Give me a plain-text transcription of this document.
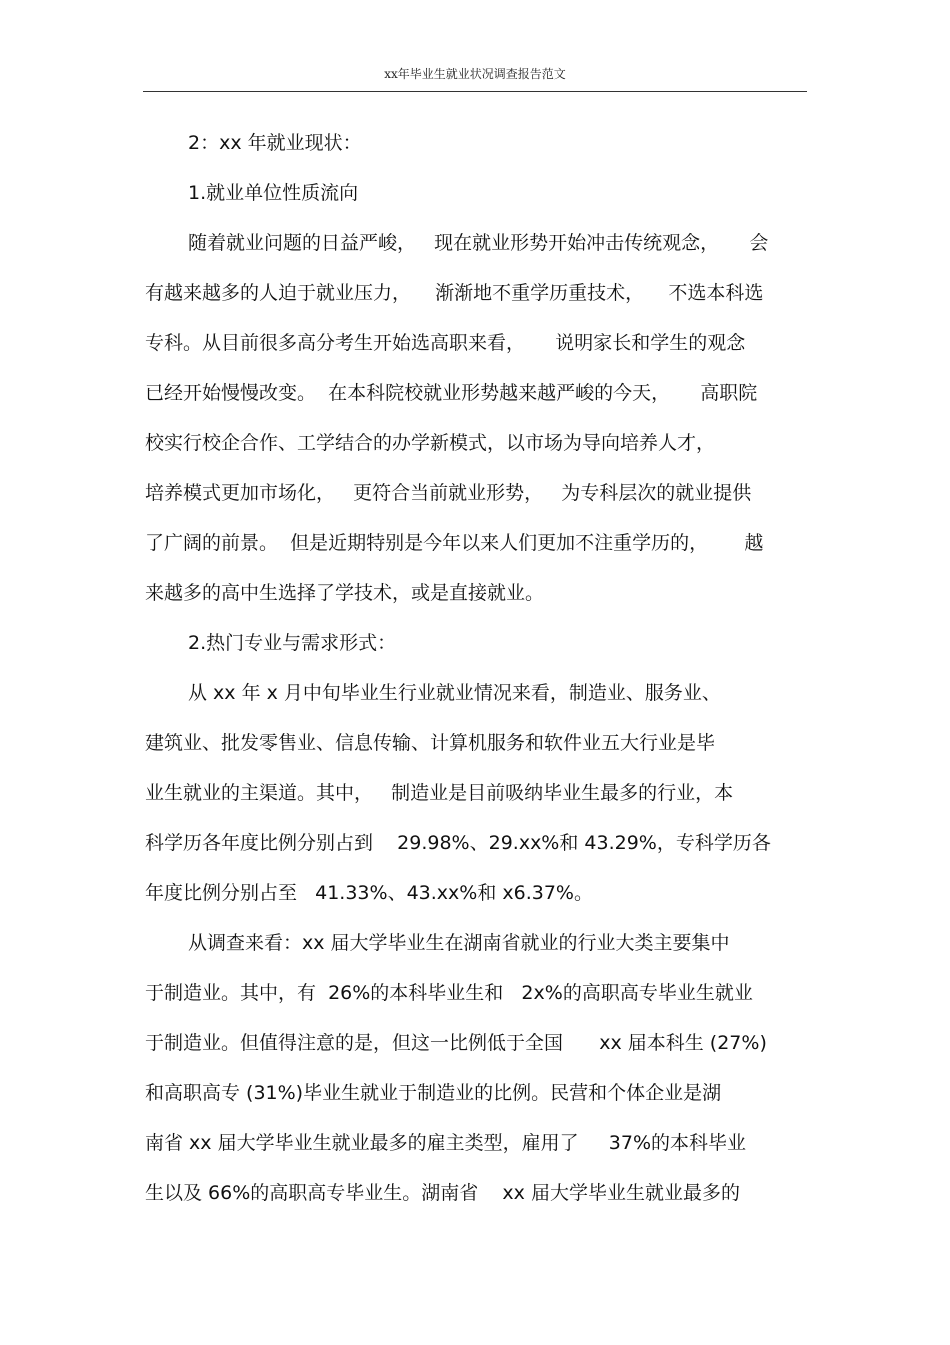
xx年毕业生就业状况调查报告范文
2：xx 年就业现状：
1.就业单位性质流向
随着就业问题的日益严峻，   现在就业形势开始冲击传统观念，     会
有越来越多的人迫于就业压力，    渐渐地不重学历重技术，    不选本科选
专科。从目前很多高分考生开始选高职来看，     说明家长和学生的观念
已经开始慢慢改变。  在本科院校就业形势越来越严峻的今天，     高职院
校实行校企合作、工学结合的办学新模式，以市场为导向培养人才，
培养模式更加市场化，   更符合当前就业形势，   为专科层次的就业提供
了广阔的前景。  但是近期特别是今年以来人们更加不注重学历的，      越
来越多的高中生选择了学技术，或是直接就业。
2.热门专业与需求形式：
从 xx 年 x 月中旬毕业生行业就业情况来看，制造业、服务业、
建筑业、批发零售业、信息传输、计算机服务和软件业五大行业是毕
业生就业的主渠道。其中，   制造业是目前吸纳毕业生最多的行业，本
科学历各年度比例分别占到    29.98%、29.xx%和 43.29%，专科学历各
年度比例分别占至   41.33%、43.xx%和 x6.37%。
从调查来看：xx 届大学毕业生在湖南省就业的行业大类主要集中
于制造业。其中，有  26%的本科毕业生和   2x%的高职高专毕业生就业
于制造业。但值得注意的是，但这一比例低于全国      xx 届本科生 (27%)
和高职高专 (31%)毕业生就业于制造业的比例。民营和个体企业是湖
南省 xx 届大学毕业生就业最多的雇主类型，雇用了     37%的本科毕业
生以及 66%的高职高专毕业生。湖南省    xx 届大学毕业生就业最多的
